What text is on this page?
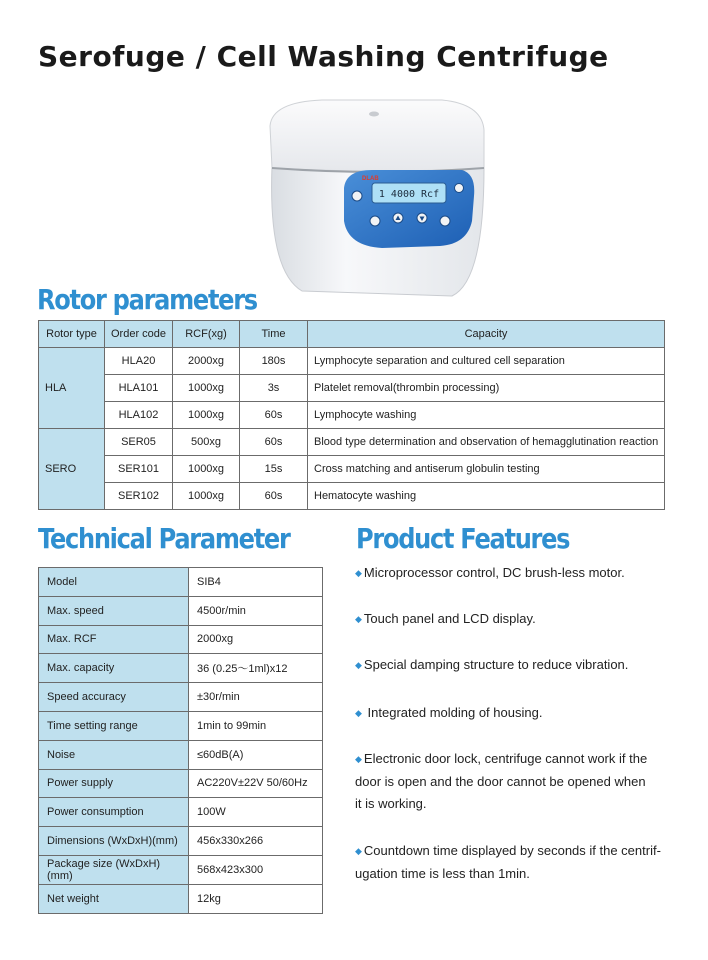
Serofuge / Cell Washing Centrifuge
1 4000 Rcf
DLAB
Rotor parameters
Rotor type	Order code	RCF(xg)	Time	Capacity
HLA	HLA20	2000xg	180s	Lymphocyte separation and cultured cell separation
	HLA101	1000xg	3s	Platelet removal(thrombin processing)
	HLA102	1000xg	60s	Lymphocyte washing
SERO	SER05	500xg	60s	Blood type determination and observation of hemagglutination reaction
	SER101	1000xg	15s	Cross matching and antiserum globulin testing
	SER102	1000xg	60s	Hematocyte washing
Technical Parameter
Model	SIB4
Max. speed	4500r/min
Max. RCF	2000xg
Max. capacity	36 (0.25～1ml)x12
Speed accuracy	±30r/min
Time setting range	1min to 99min
Noise	≤60dB(A)
Power supply	AC220V±22V 50/60Hz
Power consumption	100W
Dimensions (WxDxH)(mm)	456x330x266
Package size (WxDxH)(mm)	568x423x300
Net weight	12kg
Product Features
◆ Microprocessor control, DC brush-less motor.
◆ Touch panel and LCD display.
◆ Special damping structure to reduce vibration.
◆ Integrated molding of housing.
◆ Electronic door lock, centrifuge cannot work if the
door is open and the door cannot be opened when
it is working.
◆ Countdown time displayed by seconds if the centrif-
ugation time is less than 1min.
